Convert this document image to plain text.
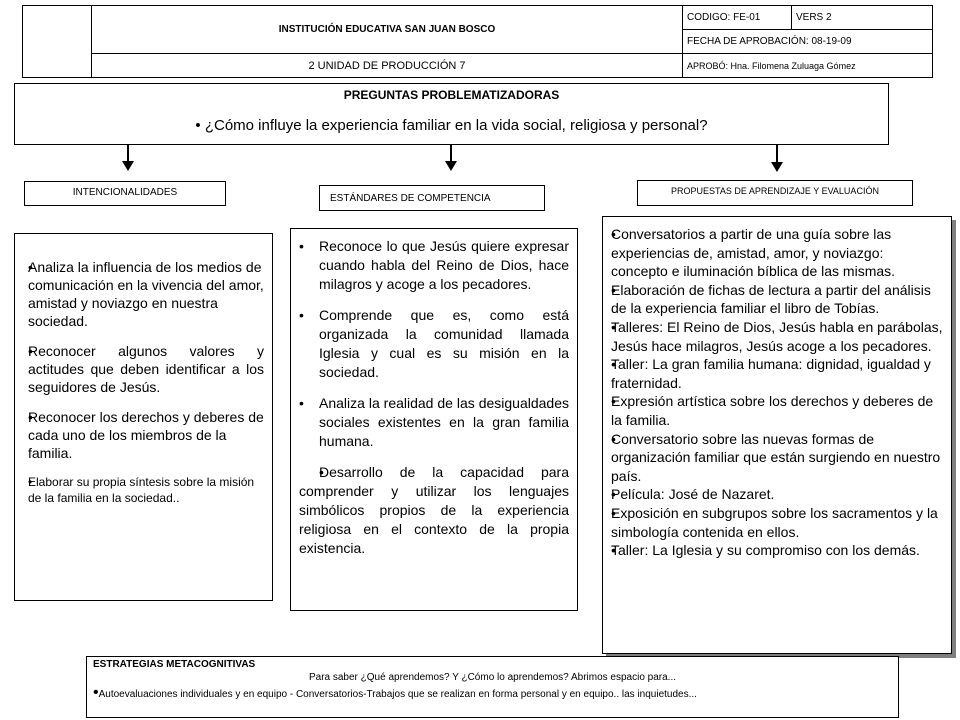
	INSTITUCIÓN EDUCATIVA SAN JUAN BOSCO	CODIGO: FE-01	VERS 2
		FECHA DE APROBACIÓN: 08-19-09	
	2 UNIDAD DE PRODUCCIÓN 7	APROBÓ: Hna. Filomena Zuluaga Gómez	
PREGUNTAS PROBLEMATIZADORAS
• ¿Cómo influye la experiencia familiar en la vida social, religiosa y personal?
INTENCIONALIDADES
ESTÁNDARES DE COMPETENCIA
PROPUESTAS DE APRENDIZAJE Y EVALUACIÓN
• Analiza la influencia de los medios de comunicación en la vivencia del amor, amistad y noviazgo en nuestra sociedad.
• Reconocer algunos valores y actitudes que deben identificar a los seguidores de Jesús.
• Reconocer los derechos y deberes de cada uno de los miembros de la familia.
• Elaborar su propia síntesis sobre la misión de la familia en la sociedad..
• Reconoce lo que Jesús quiere expresar cuando habla del Reino de Dios, hace milagros y acoge a los pecadores.
• Comprende que es, como está organizada la comunidad llamada Iglesia y cual es su misión en la sociedad.
• Analiza la realidad de las desigualdades sociales existentes en la gran familia humana.
• Desarrollo de la capacidad para comprender y utilizar los lenguajes simbólicos propios de la experiencia religiosa en el contexto de la propia existencia.
• Conversatorios a partir de una guía sobre las experiencias de, amistad, amor, y noviazgo: concepto e iluminación bíblica de las mismas.
• Elaboración de fichas de lectura a partir del análisis de la experiencia familiar el libro de Tobías.
• Talleres: El Reino de Dios, Jesús habla en parábolas, Jesús hace milagros, Jesús acoge a los pecadores.
• Taller: La gran familia humana: dignidad, igualdad y fraternidad.
• Expresión artística sobre los derechos y deberes de la familia.
• Conversatorio sobre las nuevas formas de organización familiar que están surgiendo en nuestro país.
• Película: José de Nazaret.
• Exposición en subgrupos sobre los sacramentos y la simbología contenida en ellos.
• Taller: La Iglesia y su compromiso con los demás.
ESTRATEGIAS METACOGNITIVAS
Para saber ¿Qué aprendemos? Y ¿Cómo lo aprendemos? Abrimos espacio para...
•Autoevaluaciones individuales y en equipo - Conversatorios-Trabajos que se realizan en forma personal y en equipo.. las inquietudes...
